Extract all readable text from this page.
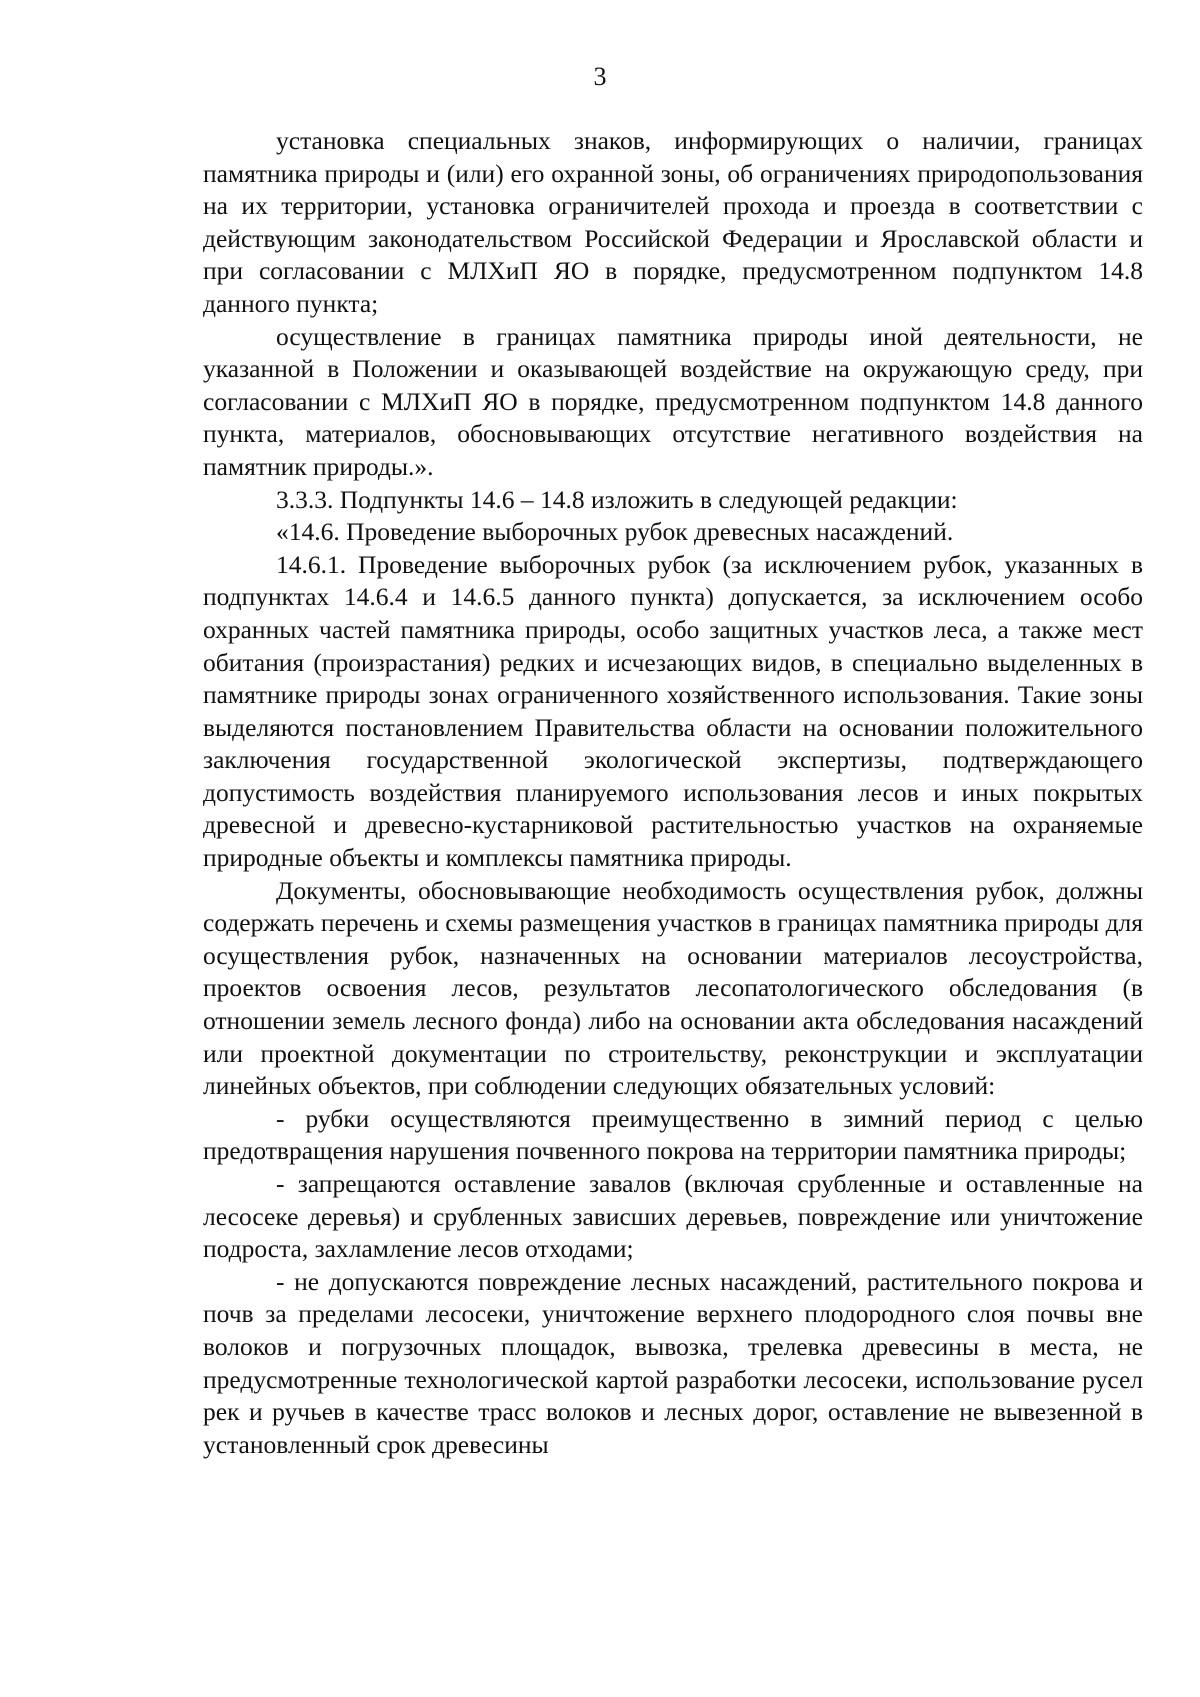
3

установка специальных знаков, информирующих о наличии, границах памятника природы и (или) его охранной зоны, об ограничениях природопользования на их территории, установка ограничителей прохода и проезда в соответствии с действующим законодательством Российской Федерации и Ярославской области и при согласовании с МЛХиП ЯО в порядке, предусмотренном подпунктом 14.8 данного пункта;

осуществление в границах памятника природы иной деятельности, не указанной в Положении и оказывающей воздействие на окружающую среду, при согласовании с МЛХиП ЯО в порядке, предусмотренном подпунктом 14.8 данного пункта, материалов, обосновывающих отсутствие негативного воздействия на памятник природы.».

3.3.3. Подпункты 14.6 – 14.8 изложить в следующей редакции:

«14.6. Проведение выборочных рубок древесных насаждений.

14.6.1. Проведение выборочных рубок (за исключением рубок, указанных в подпунктах 14.6.4 и 14.6.5 данного пункта) допускается, за исключением особо охранных частей памятника природы, особо защитных участков леса, а также мест обитания (произрастания) редких и исчезающих видов, в специально выделенных в памятнике природы зонах ограниченного хозяйственного использования. Такие зоны выделяются постановлением Правительства области на основании положительного заключения государственной экологической экспертизы, подтверждающего допустимость воздействия планируемого использования лесов и иных покрытых древесной и древесно-кустарниковой растительностью участков на охраняемые природные объекты и комплексы памятника природы.

Документы, обосновывающие необходимость осуществления рубок, должны содержать перечень и схемы размещения участков в границах памятника природы для осуществления рубок, назначенных на основании материалов лесоустройства, проектов освоения лесов, результатов лесопатологического обследования (в отношении земель лесного фонда) либо на основании акта обследования насаждений или проектной документации по строительству, реконструкции и эксплуатации линейных объектов, при соблюдении следующих обязательных условий:

- рубки осуществляются преимущественно в зимний период с целью предотвращения нарушения почвенного покрова на территории памятника природы;

- запрещаются оставление завалов (включая срубленные и оставленные на лесосеке деревья) и срубленных зависших деревьев, повреждение или уничтожение подроста, захламление лесов отходами;

- не допускаются повреждение лесных насаждений, растительного покрова и почв за пределами лесосеки, уничтожение верхнего плодородного слоя почвы вне волоков и погрузочных площадок, вывозка, трелевка древесины в места, не предусмотренные технологической картой разработки лесосеки, использование русел рек и ручьев в качестве трасс волоков и лесных дорог, оставление не вывезенной в установленный срок древесины
